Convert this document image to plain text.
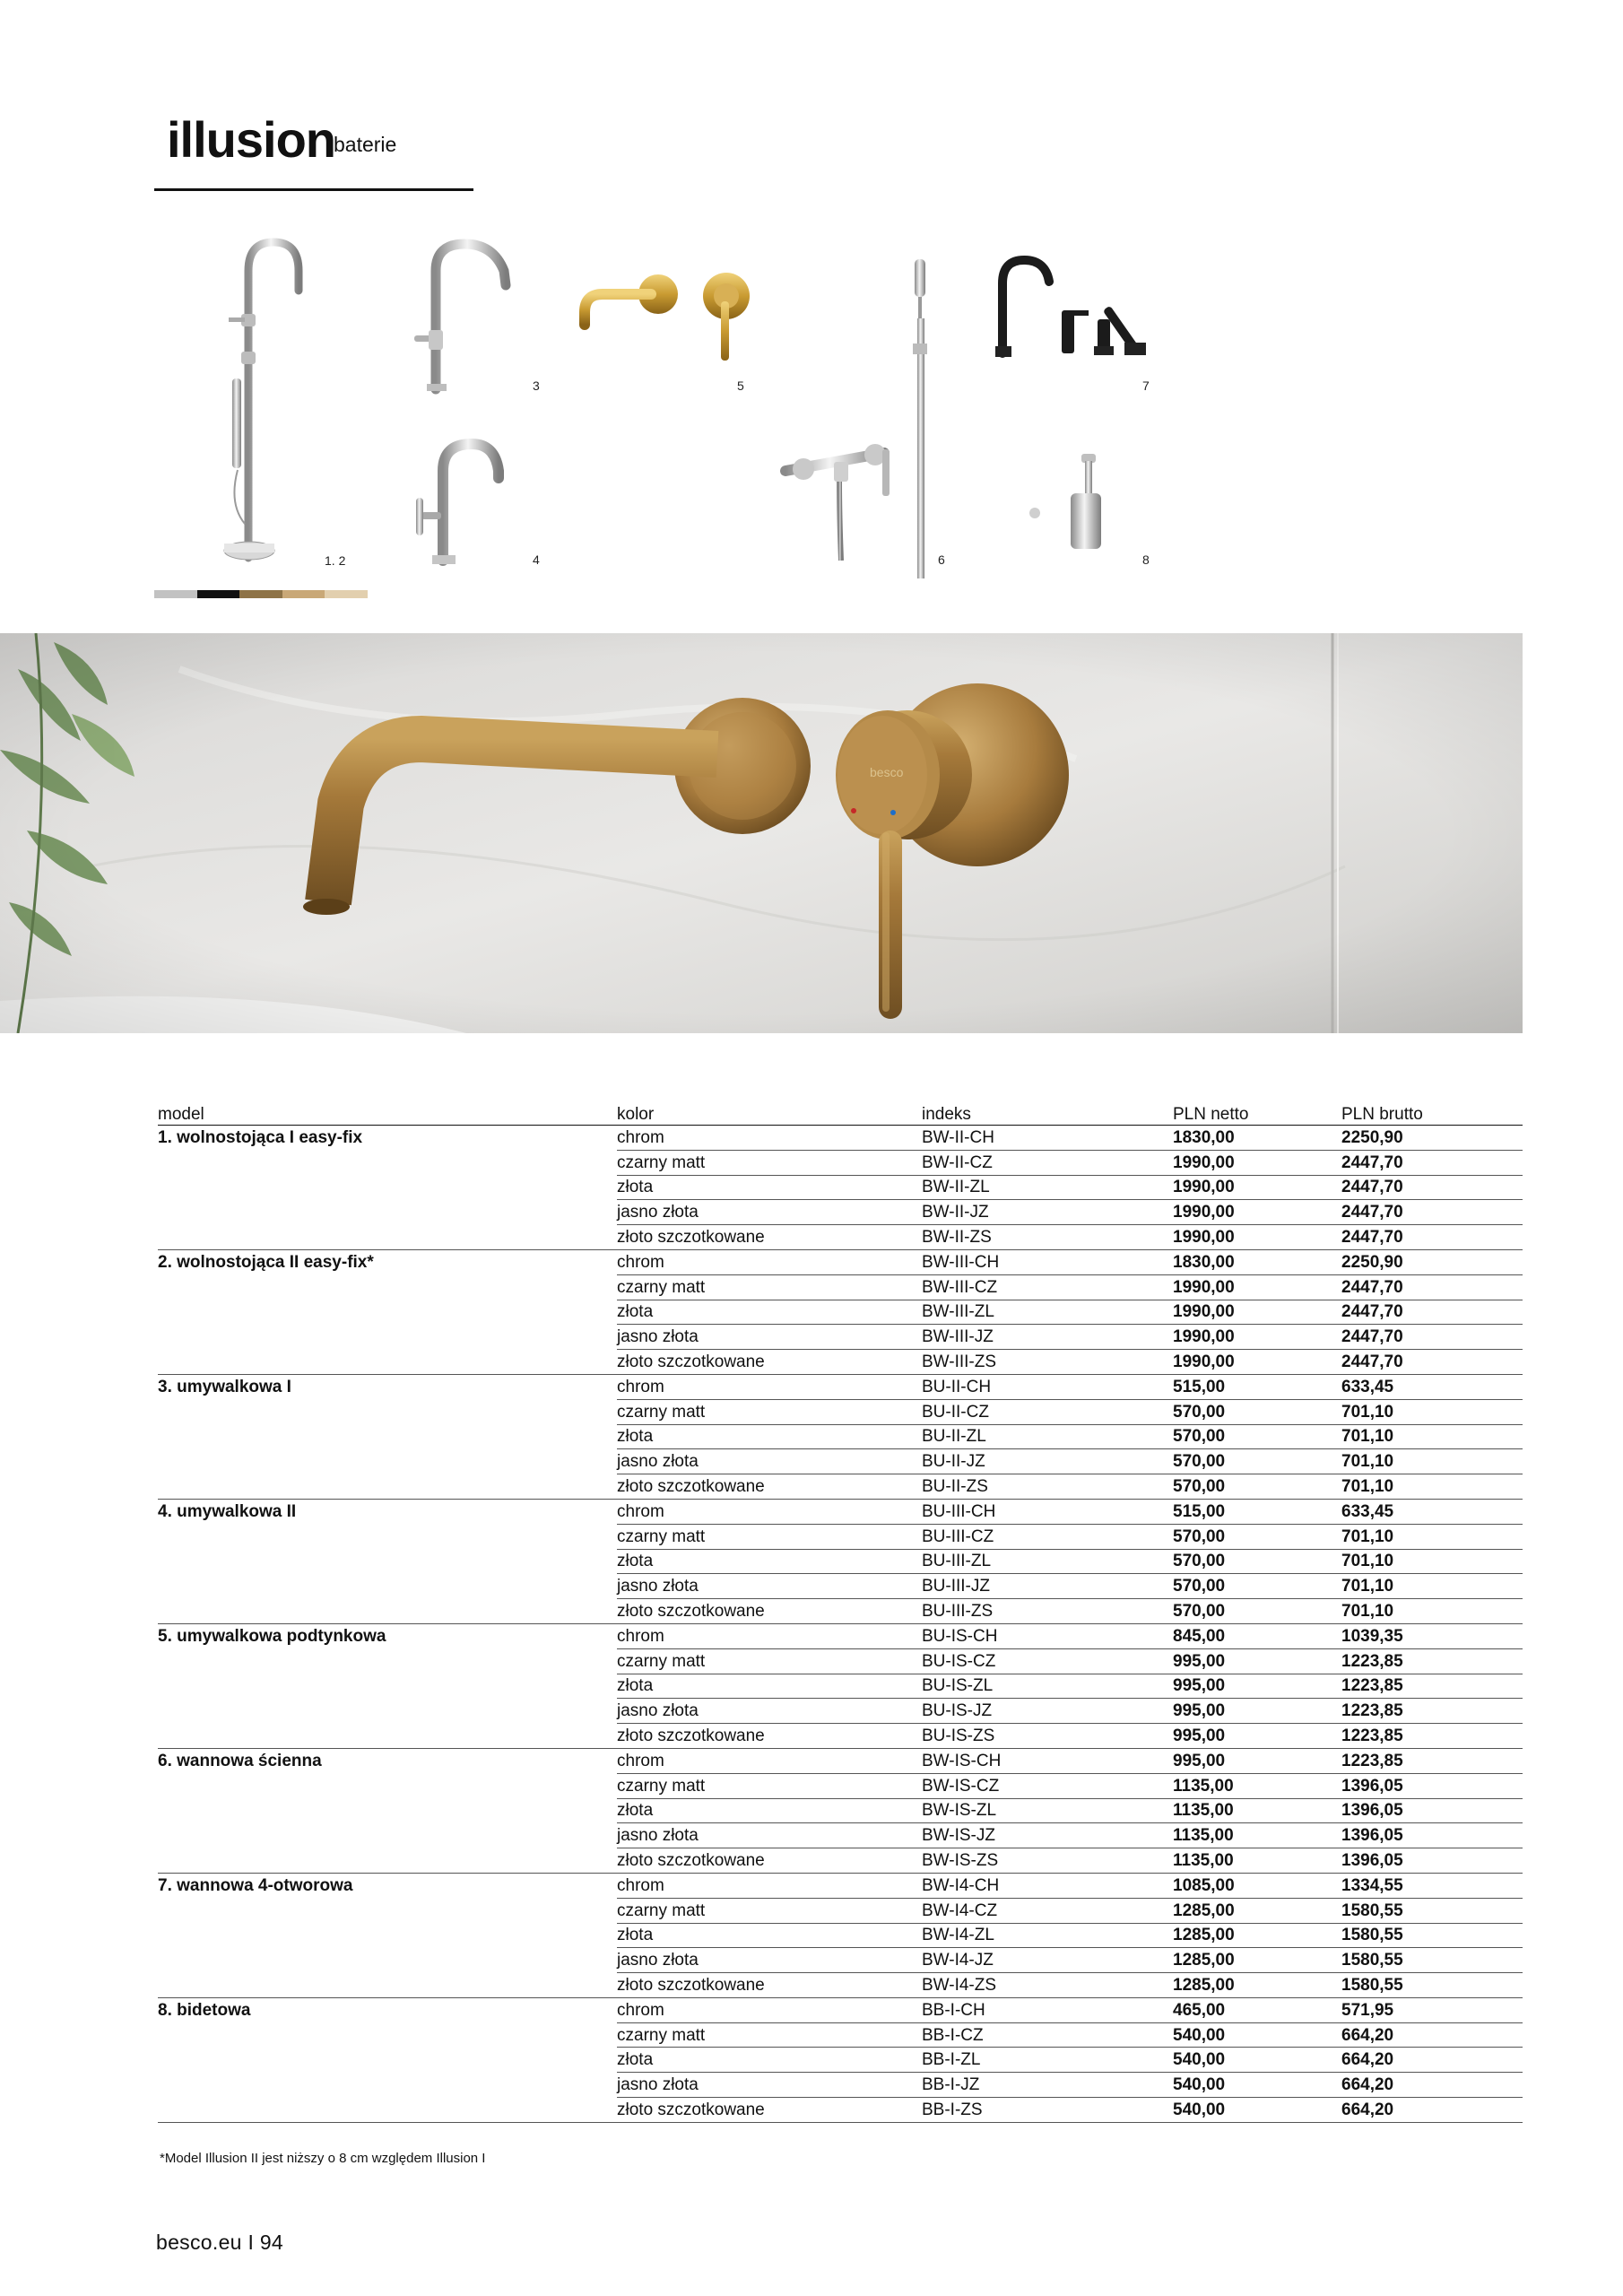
illusion
baterie
1. 2
3
4
5
6
7
8
model	kolor	indeks	PLN netto	PLN brutto
1. wolnostojąca I easy-fix	chrom	BW-II-CH	1830,00	2250,90
	czarny matt	BW-II-CZ	1990,00	2447,70
	złota	BW-II-ZL	1990,00	2447,70
	jasno złota	BW-II-JZ	1990,00	2447,70
	złoto szczotkowane	BW-II-ZS	1990,00	2447,70
2. wolnostojąca II easy-fix*	chrom	BW-III-CH	1830,00	2250,90
	czarny matt	BW-III-CZ	1990,00	2447,70
	złota	BW-III-ZL	1990,00	2447,70
	jasno złota	BW-III-JZ	1990,00	2447,70
	złoto szczotkowane	BW-III-ZS	1990,00	2447,70
3. umywalkowa I	chrom	BU-II-CH	515,00	633,45
	czarny matt	BU-II-CZ	570,00	701,10
	złota	BU-II-ZL	570,00	701,10
	jasno złota	BU-II-JZ	570,00	701,10
	złoto szczotkowane	BU-II-ZS	570,00	701,10
4. umywalkowa II	chrom	BU-III-CH	515,00	633,45
	czarny matt	BU-III-CZ	570,00	701,10
	złota	BU-III-ZL	570,00	701,10
	jasno złota	BU-III-JZ	570,00	701,10
	złoto szczotkowane	BU-III-ZS	570,00	701,10
5. umywalkowa podtynkowa	chrom	BU-IS-CH	845,00	1039,35
	czarny matt	BU-IS-CZ	995,00	1223,85
	złota	BU-IS-ZL	995,00	1223,85
	jasno złota	BU-IS-JZ	995,00	1223,85
	złoto szczotkowane	BU-IS-ZS	995,00	1223,85
6. wannowa ścienna	chrom	BW-IS-CH	995,00	1223,85
	czarny matt	BW-IS-CZ	1135,00	1396,05
	złota	BW-IS-ZL	1135,00	1396,05
	jasno złota	BW-IS-JZ	1135,00	1396,05
	złoto szczotkowane	BW-IS-ZS	1135,00	1396,05
7. wannowa 4-otworowa	chrom	BW-I4-CH	1085,00	1334,55
	czarny matt	BW-I4-CZ	1285,00	1580,55
	złota	BW-I4-ZL	1285,00	1580,55
	jasno złota	BW-I4-JZ	1285,00	1580,55
	złoto szczotkowane	BW-I4-ZS	1285,00	1580,55
8. bidetowa	chrom	BB-I-CH	465,00	571,95
	czarny matt	BB-I-CZ	540,00	664,20
	złota	BB-I-ZL	540,00	664,20
	jasno złota	BB-I-JZ	540,00	664,20
	złoto szczotkowane	BB-I-ZS	540,00	664,20
*Model Illusion II jest niższy o 8 cm względem Illusion I
besco.eu I 94
